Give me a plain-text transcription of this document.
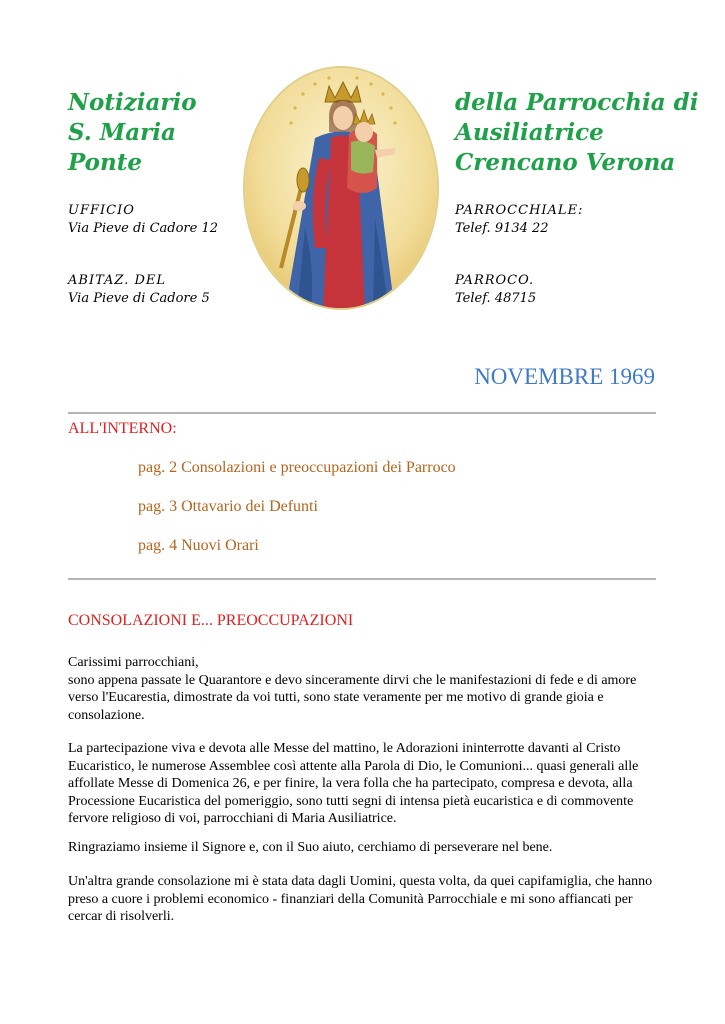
Notiziario
S. Maria
Ponte
della Parrocchia di
Ausiliatrice
Crencano Verona
UFFICIO
Via Pieve di Cadore 12
PARROCCHIALE:
Telef. 9134 22
ABITAZ. DEL
Via Pieve di Cadore 5
PARROCO.
Telef. 48715
NOVEMBRE 1969
ALL'INTERNO:
pag. 2 Consolazioni e preoccupazioni dei Parroco
pag. 3 Ottavario dei Defunti
pag. 4 Nuovi Orari
CONSOLAZIONI E... PREOCCUPAZIONI

Carissimi parrocchiani,
sono appena passate le Quarantore e devo sinceramente dirvi che le manifestazioni di fede e di amore verso l'Eucarestia, dimostrate da voi tutti, sono state veramente per me motivo di grande gioia e consolazione.

La partecipazione viva e devota alle Messe del mattino, le Adorazioni ininterrotte davanti al Cristo Eucaristico, le numerose Assemblee così attente alla Parola di Dio, le Comunioni... quasi generali alle affollate Messe di Domenica 26, e per finire, la vera folla che ha partecipato, compresa e devota, alla Processione Eucaristica del pomeriggio, sono tutti segni di intensa pietà eucaristica e di commovente fervore religioso di voi, parrocchiani di Maria Ausiliatrice.

Ringraziamo insieme il Signore e, con il Suo aiuto, cerchiamo di perseverare nel bene.

Un'altra grande consolazione mi è stata data dagli Uomini, questa volta, da quei capifamiglia, che hanno preso a cuore i problemi economico - finanziari della Comunità Parrocchiale e mi sono affiancati per cercar di risolverli.
